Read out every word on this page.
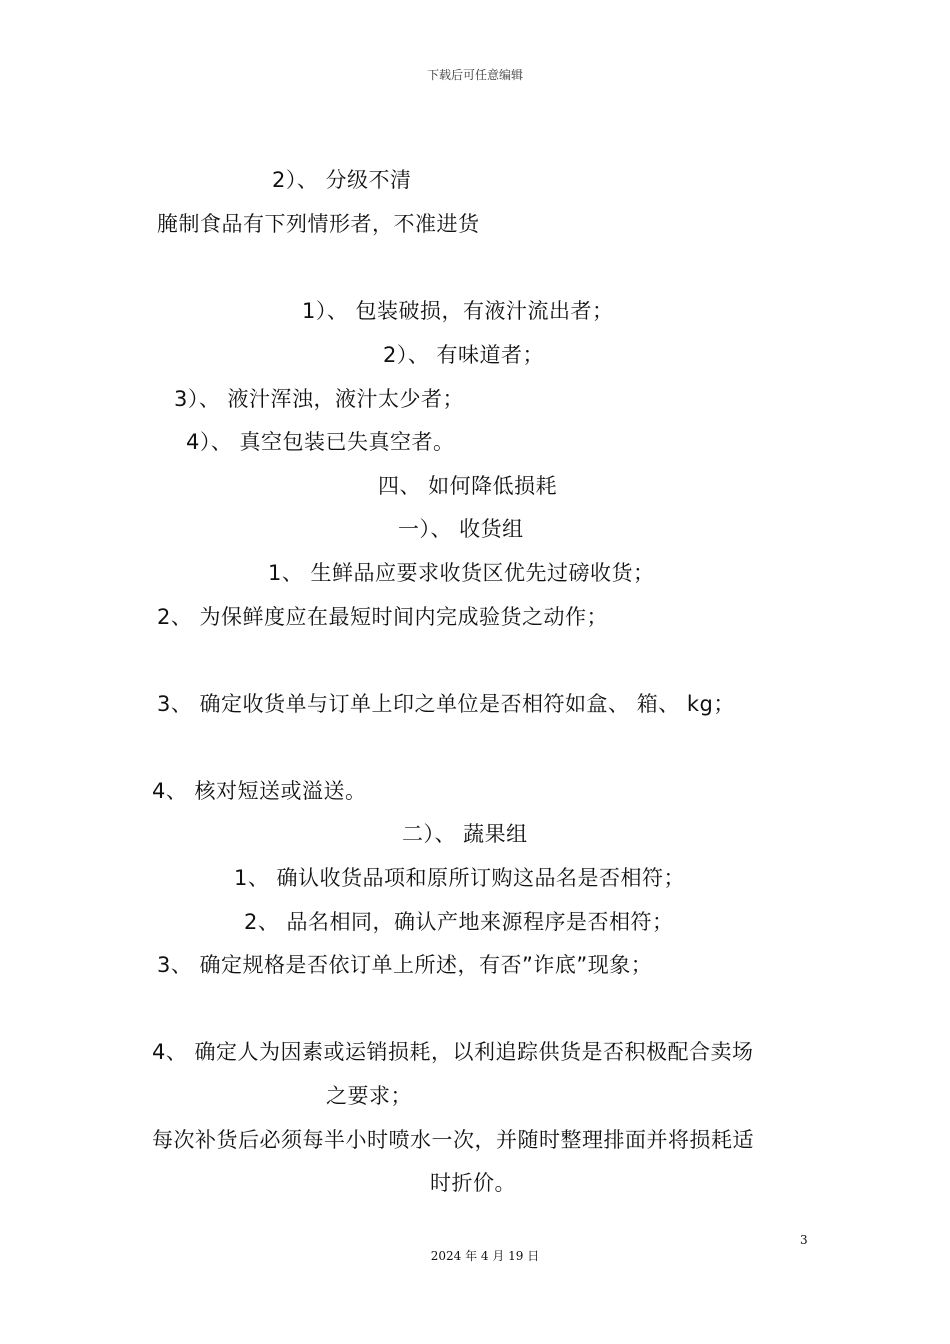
下载后可任意编辑
2）、 分级不清
腌制食品有下列情形者，不准进货
1）、 包装破损，有液汁流出者；
2）、 有味道者；
3）、 液汁浑浊，液汁太少者；
4）、 真空包装已失真空者。
四、 如何降低损耗
一）、 收货组
1、 生鲜品应要求收货区优先过磅收货；
2、 为保鲜度应在最短时间内完成验货之动作；
3、 确定收货单与订单上印之单位是否相符如盒、 箱、 kg；
4、 核对短送或溢送。
二）、 蔬果组
1、 确认收货品项和原所订购这品名是否相符；
2、 品名相同，确认产地来源程序是否相符；
3、 确定规格是否依订单上所述，有否”诈底”现象；
4、 确定人为因素或运销损耗，以利追踪供货是否积极配合卖场
之要求；
每次补货后必须每半小时喷水一次，并随时整理排面并将损耗适
时折价。
3
2024 年 4 月 19 日
